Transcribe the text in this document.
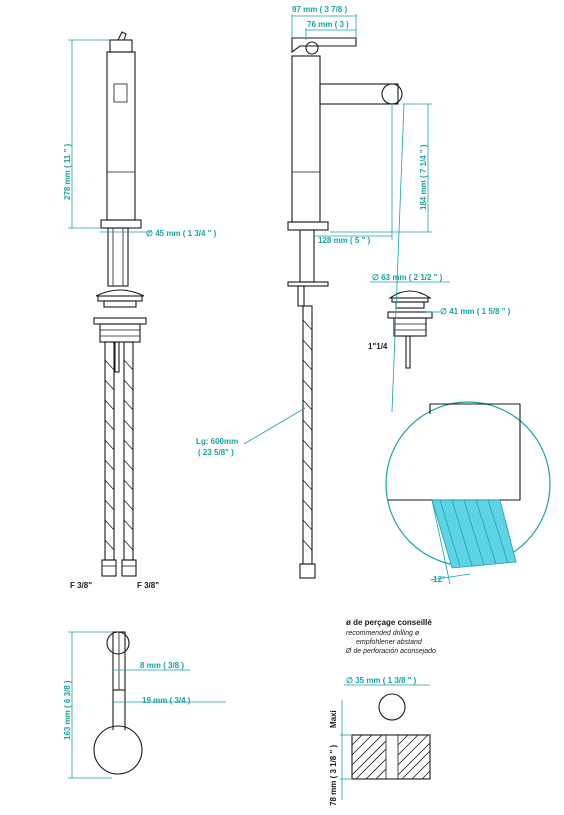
278 mm ( 11 " )
∅ 45 mm ( 1 3/4 " )
F 3/8"	F 3/8"
97 mm ( 3 7/8 )
76 mm ( 3 )
184 mm ( 7 1/4 " )
128 mm ( 5 " )
Lg: 600mm
( 23 5/8" )
∅ 63 mm ( 2 1/2 " )
∅ 41 mm ( 1 5/8 " )
1"1/4
12°
163 mm ( 6 3/8 )
8 mm ( 3/8 )
19 mm ( 3/4 )
ø de perçage conseillé
recommended drilling ø
empfohlener abstand
Ø de perforación aconsejado
∅ 35 mm ( 1 3/8 " )
Maxi
78 mm ( 3 1/8 " )
